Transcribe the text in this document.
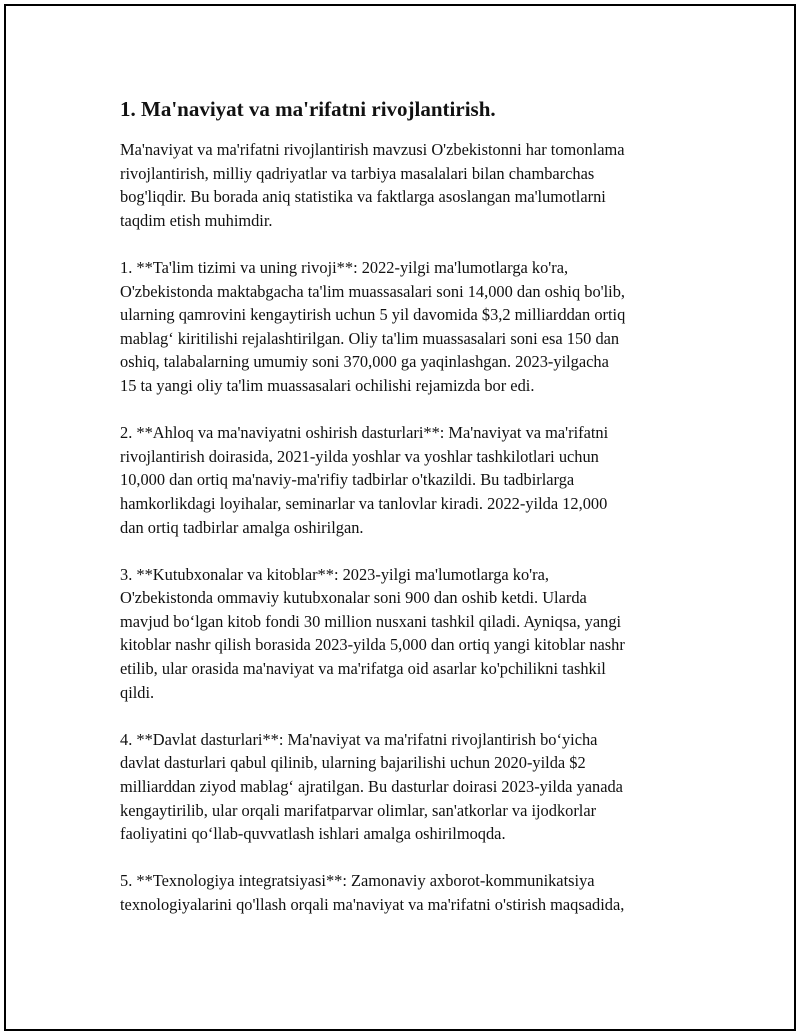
1. Ma'naviyat va ma'rifatni rivojlantirish.

Ma'naviyat va ma'rifatni rivojlantirish mavzusi O'zbekistonni har tomonlama
rivojlantirish, milliy qadriyatlar va tarbiya masalalari bilan chambarchas
bog'liqdir. Bu borada aniq statistika va faktlarga asoslangan ma'lumotlarni
taqdim etish muhimdir.

1. **Ta'lim tizimi va uning rivoji**: 2022-yilgi ma'lumotlarga ko'ra,
O'zbekistonda maktabgacha ta'lim muassasalari soni 14,000 dan oshiq bo'lib,
ularning qamrovini kengaytirish uchun 5 yil davomida $3,2 milliarddan ortiq
mablag‘ kiritilishi rejalashtirilgan. Oliy ta'lim muassasalari soni esa 150 dan
oshiq, talabalarning umumiy soni 370,000 ga yaqinlashgan. 2023-yilgacha
15 ta yangi oliy ta'lim muassasalari ochilishi rejamizda bor edi.

2. **Ahloq va ma'naviyatni oshirish dasturlari**: Ma'naviyat va ma'rifatni
rivojlantirish doirasida, 2021-yilda yoshlar va yoshlar tashkilotlari uchun
10,000 dan ortiq ma'naviy-ma'rifiy tadbirlar o'tkazildi. Bu tadbirlarga
hamkorlikdagi loyihalar, seminarlar va tanlovlar kiradi. 2022-yilda 12,000
dan ortiq tadbirlar amalga oshirilgan.

3. **Kutubxonalar va kitoblar**: 2023-yilgi ma'lumotlarga ko'ra,
O'zbekistonda ommaviy kutubxonalar soni 900 dan oshib ketdi. Ularda
mavjud bo‘lgan kitob fondi 30 million nusxani tashkil qiladi. Ayniqsa, yangi
kitoblar nashr qilish borasida 2023-yilda 5,000 dan ortiq yangi kitoblar nashr
etilib, ular orasida ma'naviyat va ma'rifatga oid asarlar ko'pchilikni tashkil
qildi.

4. **Davlat dasturlari**: Ma'naviyat va ma'rifatni rivojlantirish bo‘yicha
davlat dasturlari qabul qilinib, ularning bajarilishi uchun 2020-yilda $2
milliarddan ziyod mablag‘ ajratilgan. Bu dasturlar doirasi 2023-yilda yanada
kengaytirilib, ular orqali marifatparvar olimlar, san'atkorlar va ijodkorlar
faoliyatini qo‘llab-quvvatlash ishlari amalga oshirilmoqda.

5. **Texnologiya integratsiyasi**: Zamonaviy axborot-kommunikatsiya
texnologiyalarini qo'llash orqali ma'naviyat va ma'rifatni o'stirish maqsadida,
